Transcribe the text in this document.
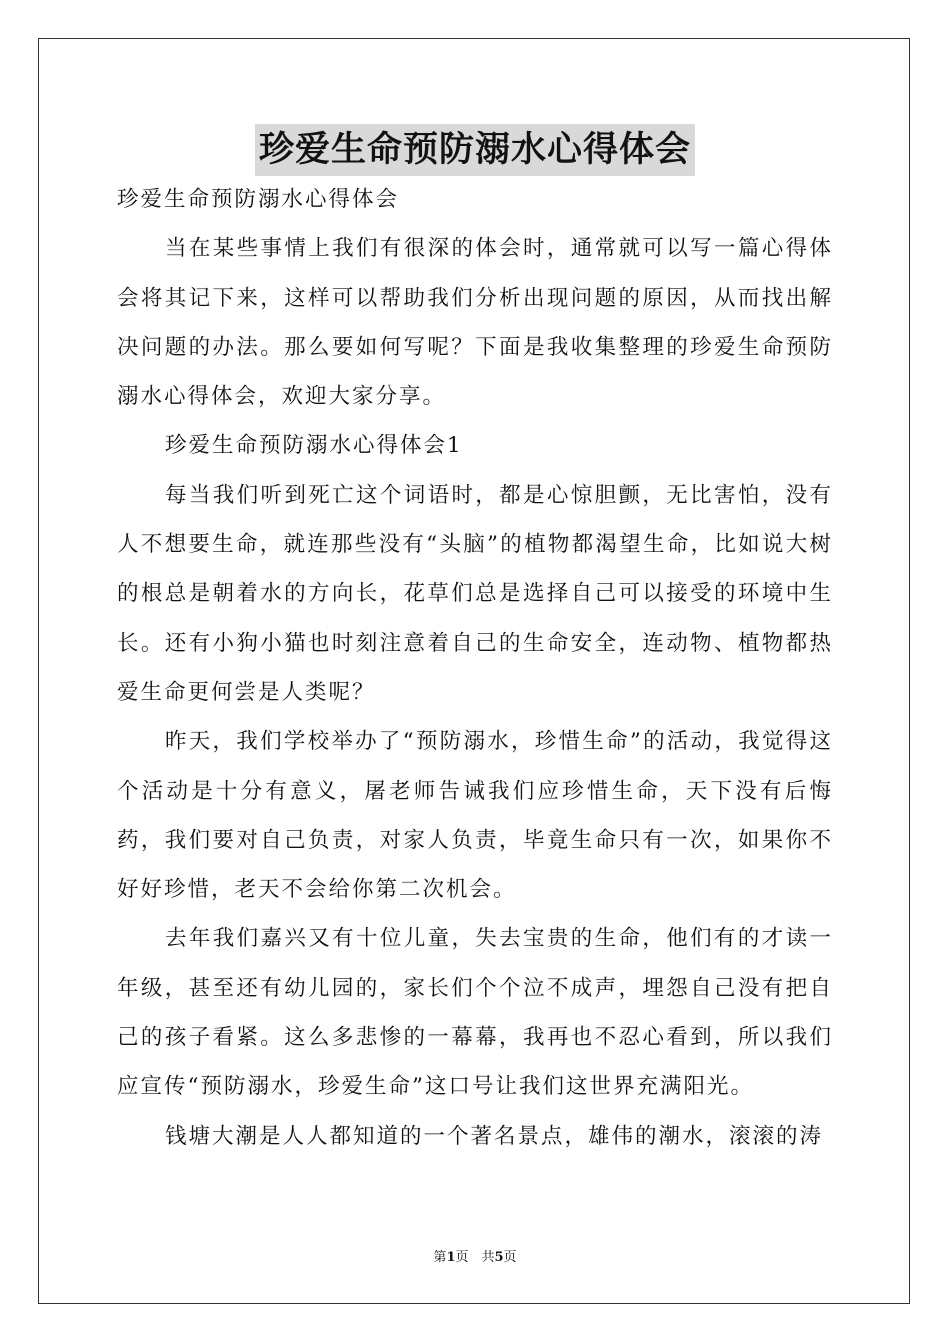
珍爱生命预防溺水心得体会

珍爱生命预防溺水心得体会

当在某些事情上我们有很深的体会时，通常就可以写一篇心得体会将其记下来，这样可以帮助我们分析出现问题的原因，从而找出解决问题的办法。那么要如何写呢？下面是我收集整理的珍爱生命预防溺水心得体会，欢迎大家分享。

珍爱生命预防溺水心得体会1

每当我们听到死亡这个词语时，都是心惊胆颤，无比害怕，没有人不想要生命，就连那些没有“头脑”的植物都渴望生命，比如说大树的根总是朝着水的方向长，花草们总是选择自己可以接受的环境中生长。还有小狗小猫也时刻注意着自己的生命安全，连动物、植物都热爱生命更何尝是人类呢？

昨天，我们学校举办了“预防溺水，珍惜生命”的活动，我觉得这个活动是十分有意义，屠老师告诫我们应珍惜生命，天下没有后悔药，我们要对自己负责，对家人负责，毕竟生命只有一次，如果你不好好珍惜，老天不会给你第二次机会。

去年我们嘉兴又有十位儿童，失去宝贵的生命，他们有的才读一年级，甚至还有幼儿园的，家长们个个泣不成声，埋怨自己没有把自己的孩子看紧。这么多悲惨的一幕幕，我再也不忍心看到，所以我们应宣传“预防溺水，珍爱生命”这口号让我们这世界充满阳光。

钱塘大潮是人人都知道的一个著名景点，雄伟的潮水，滚滚的涛

第1页　共5页
